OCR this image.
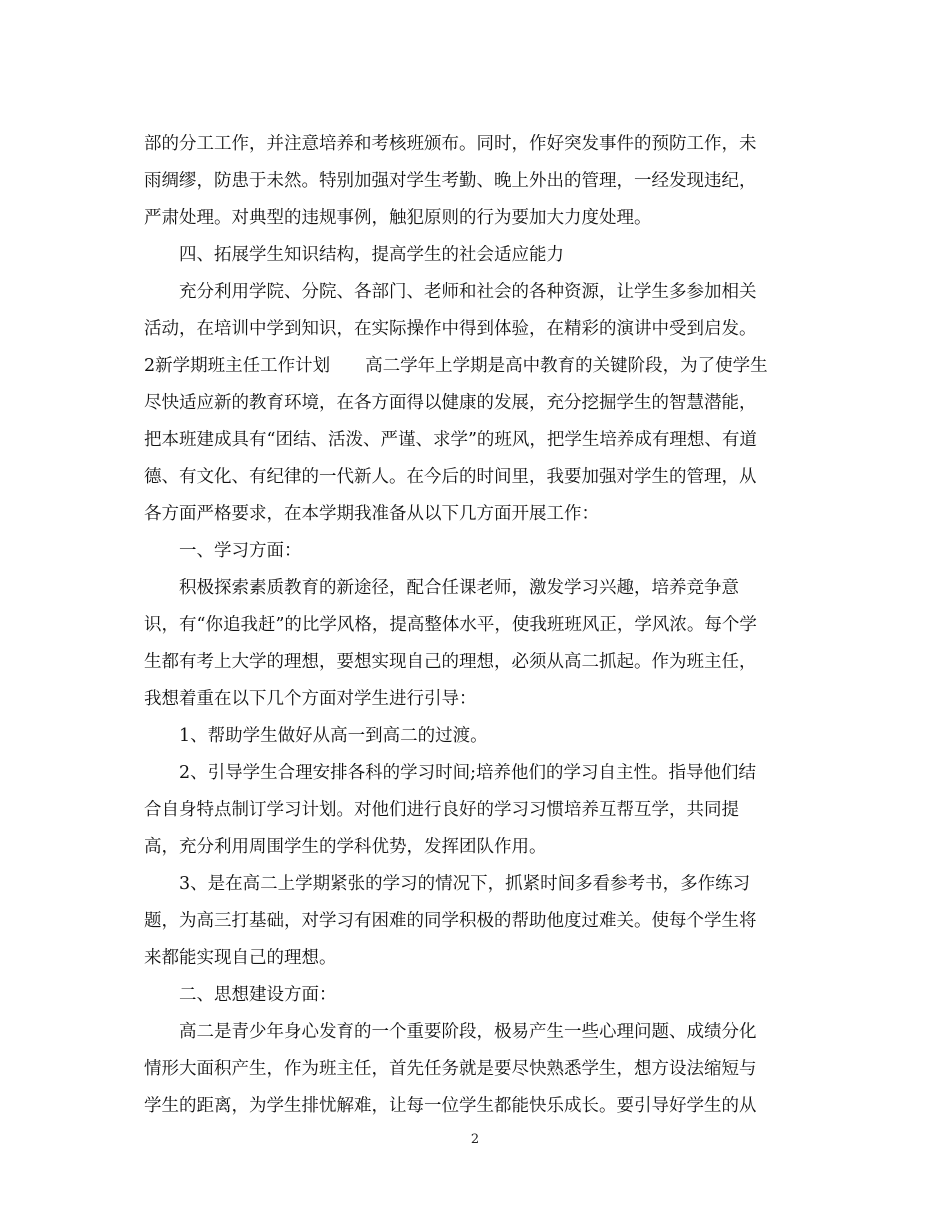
部的分工工作，并注意培养和考核班颁布。同时，作好突发事件的预防工作，未
雨绸缪，防患于未然。特别加强对学生考勤、晚上外出的管理，一经发现违纪，
严肃处理。对典型的违规事例，触犯原则的行为要加大力度处理。
四、拓展学生知识结构，提高学生的社会适应能力
充分利用学院、分院、各部门、老师和社会的各种资源，让学生多参加相关
活动，在培训中学到知识，在实际操作中得到体验，在精彩的演讲中受到启发。
2新学期班主任工作计划　　高二学年上学期是高中教育的关键阶段，为了使学生
尽快适应新的教育环境，在各方面得以健康的发展，充分挖掘学生的智慧潜能，
把本班建成具有“团结、活泼、严谨、求学”的班风，把学生培养成有理想、有道
德、有文化、有纪律的一代新人。在今后的时间里，我要加强对学生的管理，从
各方面严格要求，在本学期我准备从以下几方面开展工作：
一、学习方面：
积极探索素质教育的新途径，配合任课老师，激发学习兴趣，培养竞争意
识，有“你追我赶”的比学风格，提高整体水平，使我班班风正，学风浓。每个学
生都有考上大学的理想，要想实现自己的理想，必须从高二抓起。作为班主任，
我想着重在以下几个方面对学生进行引导：
1、帮助学生做好从高一到高二的过渡。
2、引导学生合理安排各科的学习时间;培养他们的学习自主性。指导他们结
合自身特点制订学习计划。对他们进行良好的学习习惯培养互帮互学，共同提
高，充分利用周围学生的学科优势，发挥团队作用。
3、是在高二上学期紧张的学习的情况下，抓紧时间多看参考书，多作练习
题，为高三打基础，对学习有困难的同学积极的帮助他度过难关。使每个学生将
来都能实现自己的理想。
二、思想建设方面：
高二是青少年身心发育的一个重要阶段，极易产生一些心理问题、成绩分化
情形大面积产生，作为班主任，首先任务就是要尽快熟悉学生，想方设法缩短与
学生的距离，为学生排忧解难，让每一位学生都能快乐成长。要引导好学生的从
2
